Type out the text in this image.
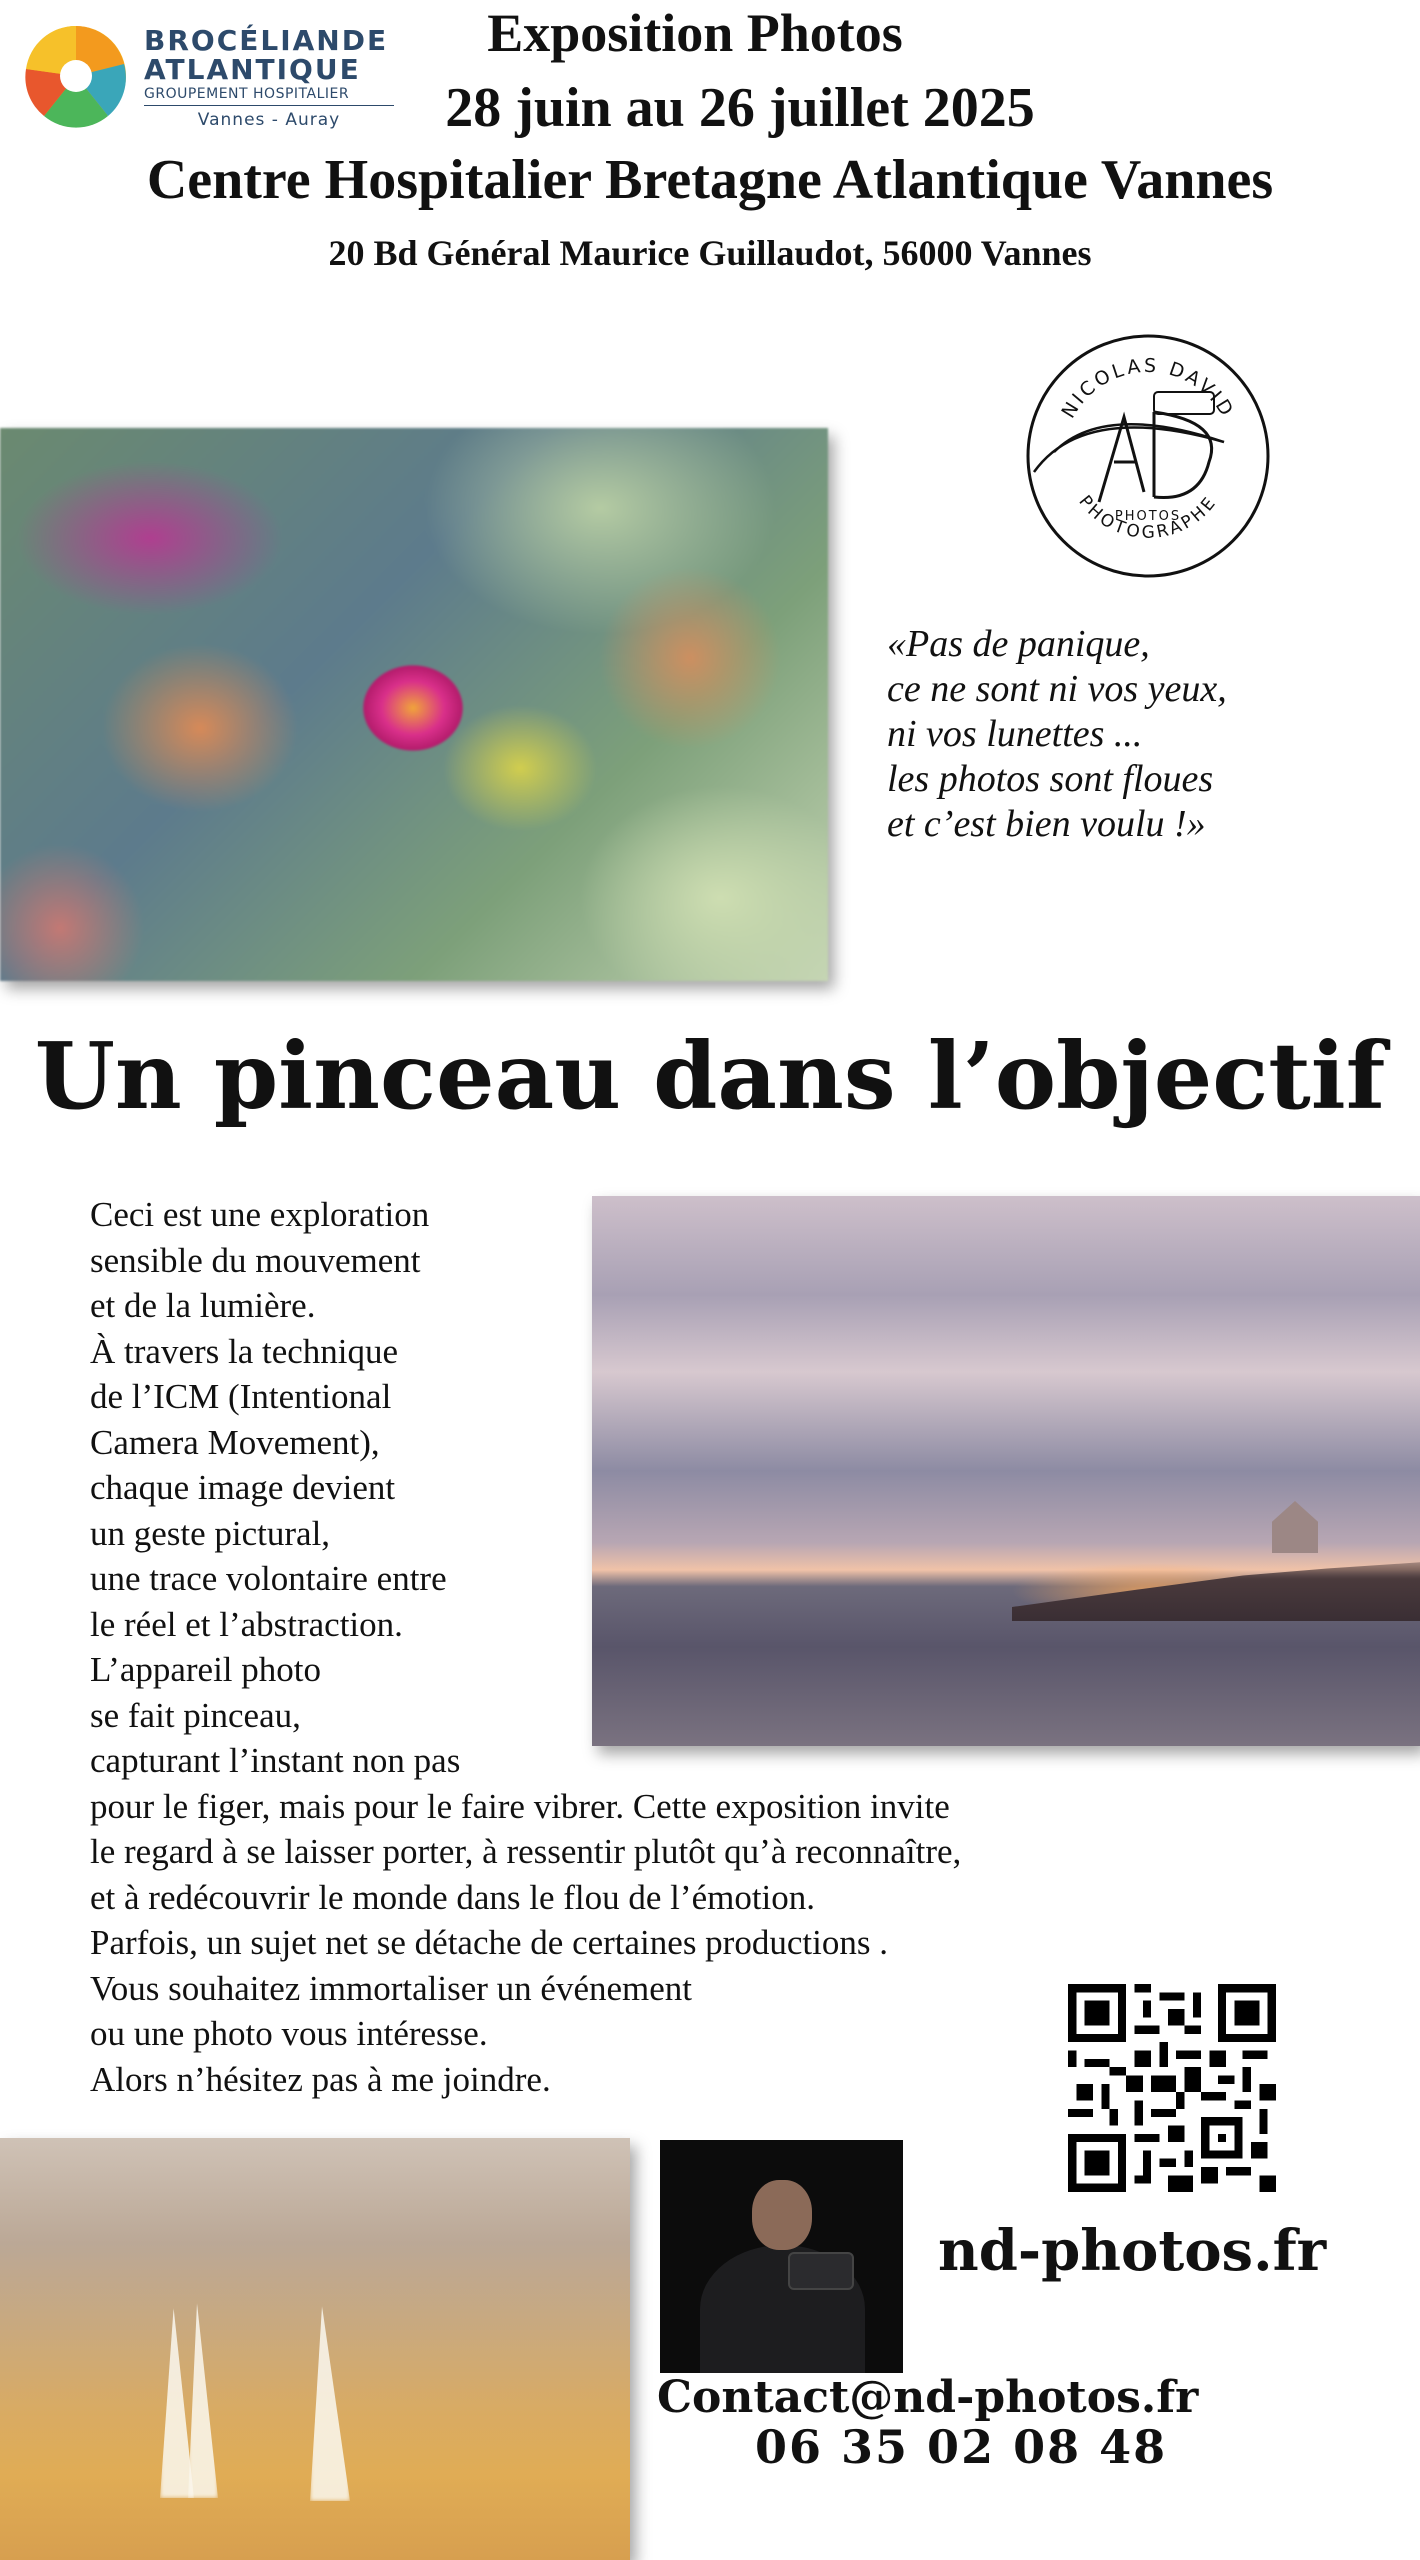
BROCÉLIANDE
ATLANTIQUE
GROUPEMENT HOSPITALIER
Vannes - Auray
Exposition Photos
28 juin au 26 juillet 2025
Centre Hospitalier Bretagne Atlantique Vannes
20 Bd Général Maurice Guillaudot, 56000 Vannes
NICOLAS DAVID
PHOTOGRAPHE
PHOTOS
«Pas de panique,
ce ne sont ni vos yeux,
ni vos lunettes ...
les photos sont floues
et c’est bien voulu !»
Un pinceau dans l’objectif
Ceci est une exploration
sensible du mouvement
et de la lumière.
À travers la technique
de l’ICM (Intentional
Camera Movement),
chaque image devient
un geste pictural,
une trace volontaire entre
le réel et l’abstraction.
L’appareil photo
se fait pinceau,
capturant l’instant non pas
pour le figer, mais pour le faire vibrer. Cette exposition invite
le regard à se laisser porter, à ressentir plutôt qu’à reconnaître,
et à redécouvrir le monde dans le flou de l’émotion.
Parfois, un sujet net se détache de certaines productions .
Vous souhaitez immortaliser un événement
ou une photo vous intéresse.
Alors n’hésitez pas à me joindre.
nd-photos.fr
Contact@nd-photos.fr
06 35 02 08 48
